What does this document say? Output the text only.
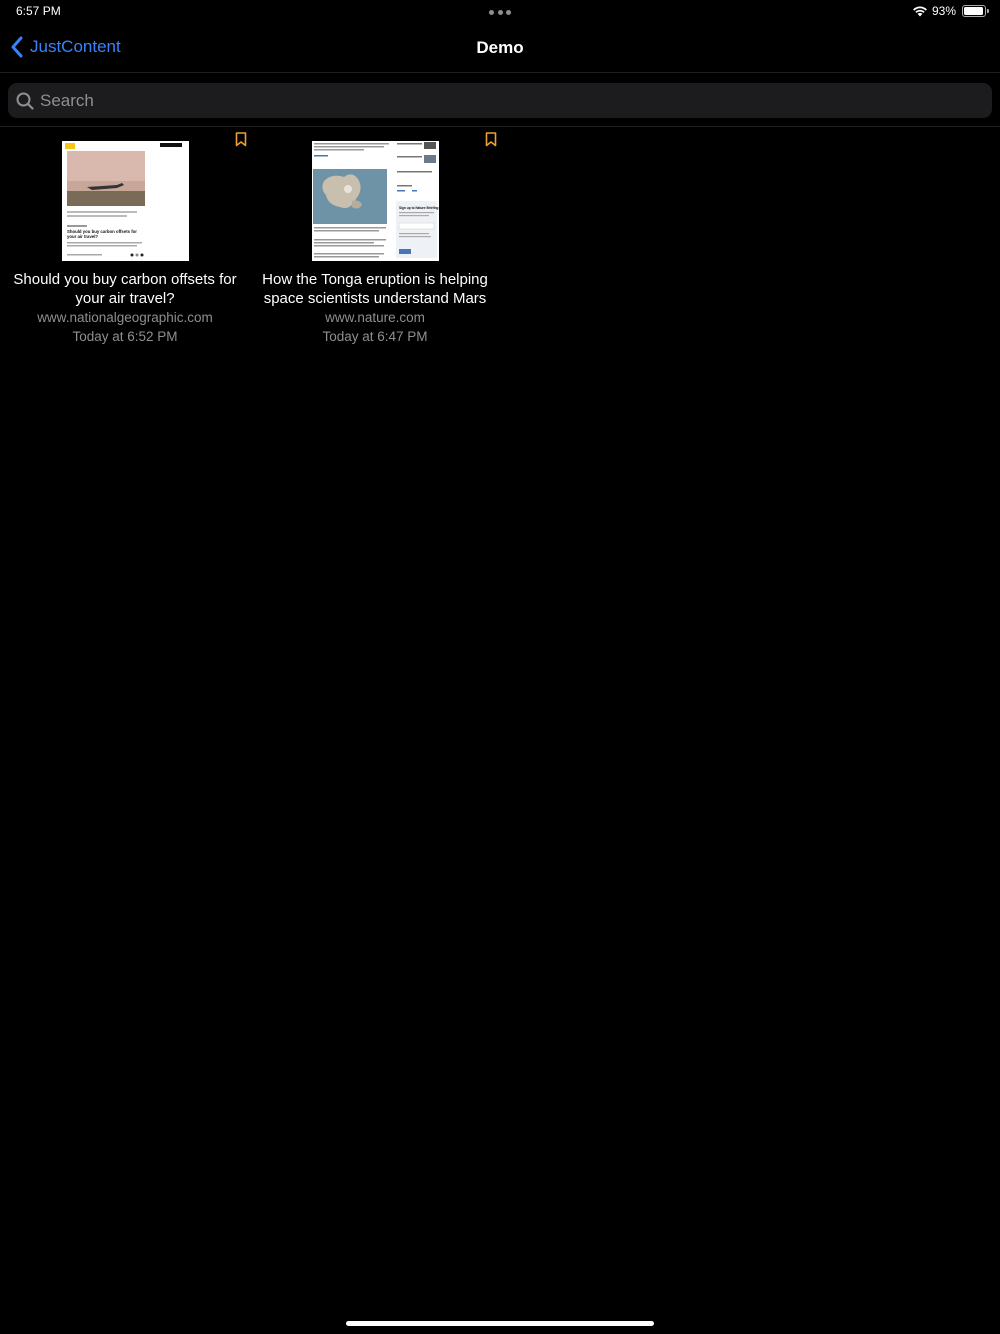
6:57 PM	93%
JustContent	Demo
Search
Should you buy carbon offsets for
your air travel?
Should you buy carbon offsets for your air travel?
www.nationalgeographic.com
Today at 6:52 PM
Sign up to Nature Briefing
How the Tonga eruption is helping space scientists understand Mars
www.nature.com
Today at 6:47 PM
